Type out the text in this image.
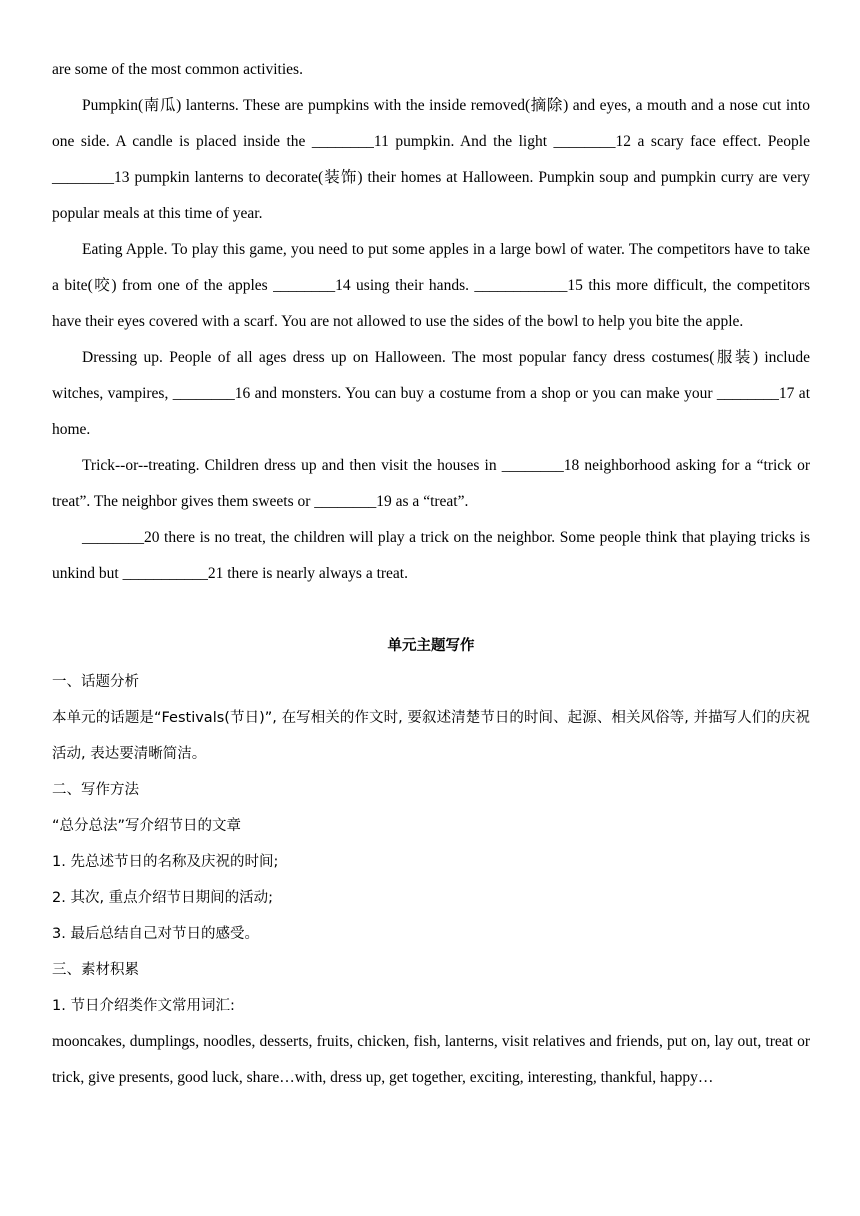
are some of the most common activities.

Pumpkin(南瓜) lanterns. These are pumpkins with the inside removed(摘除) and eyes, a mouth and a nose cut into one side. A candle is placed inside the ________11 pumpkin. And the light ________12 a scary face effect. People ________13 pumpkin lanterns to decorate(装饰) their homes at Halloween. Pumpkin soup and pumpkin curry are very popular meals at this time of year.

Eating Apple. To play this game, you need to put some apples in a large bowl of water. The competitors have to take a bite(咬) from one of the apples ________14 using their hands. ____________15 this more difficult, the competitors have their eyes covered with a scarf. You are not allowed to use the sides of the bowl to help you bite the apple.

Dressing up. People of all ages dress up on Halloween. The most popular fancy dress costumes(服装) include witches, vampires, ________16 and monsters. You can buy a costume from a shop or you can make your ________17 at home.

Trick--or--treating. Children dress up and then visit the houses in ________18 neighborhood asking for a “trick or treat”. The neighbor gives them sweets or ________19 as a “treat”.

________20 there is no treat, the children will play a trick on the neighbor. Some people think that playing tricks is unkind but ___________21 there is nearly always a treat.

单元主题写作

一、话题分析

本单元的话题是“Festivals(节日)”, 在写相关的作文时, 要叙述清楚节日的时间、起源、相关风俗等, 并描写人们的庆祝活动, 表达要清晰简洁。

二、写作方法

“总分总法”写介绍节日的文章

1. 先总述节日的名称及庆祝的时间;

2. 其次, 重点介绍节日期间的活动;

3. 最后总结自己对节日的感受。

三、素材积累

1. 节日介绍类作文常用词汇:

mooncakes, dumplings, noodles, desserts, fruits, chicken, fish, lanterns, visit relatives and friends, put on, lay out, treat or trick, give presents, good luck, share…with, dress up, get together, exciting, interesting, thankful, happy…
